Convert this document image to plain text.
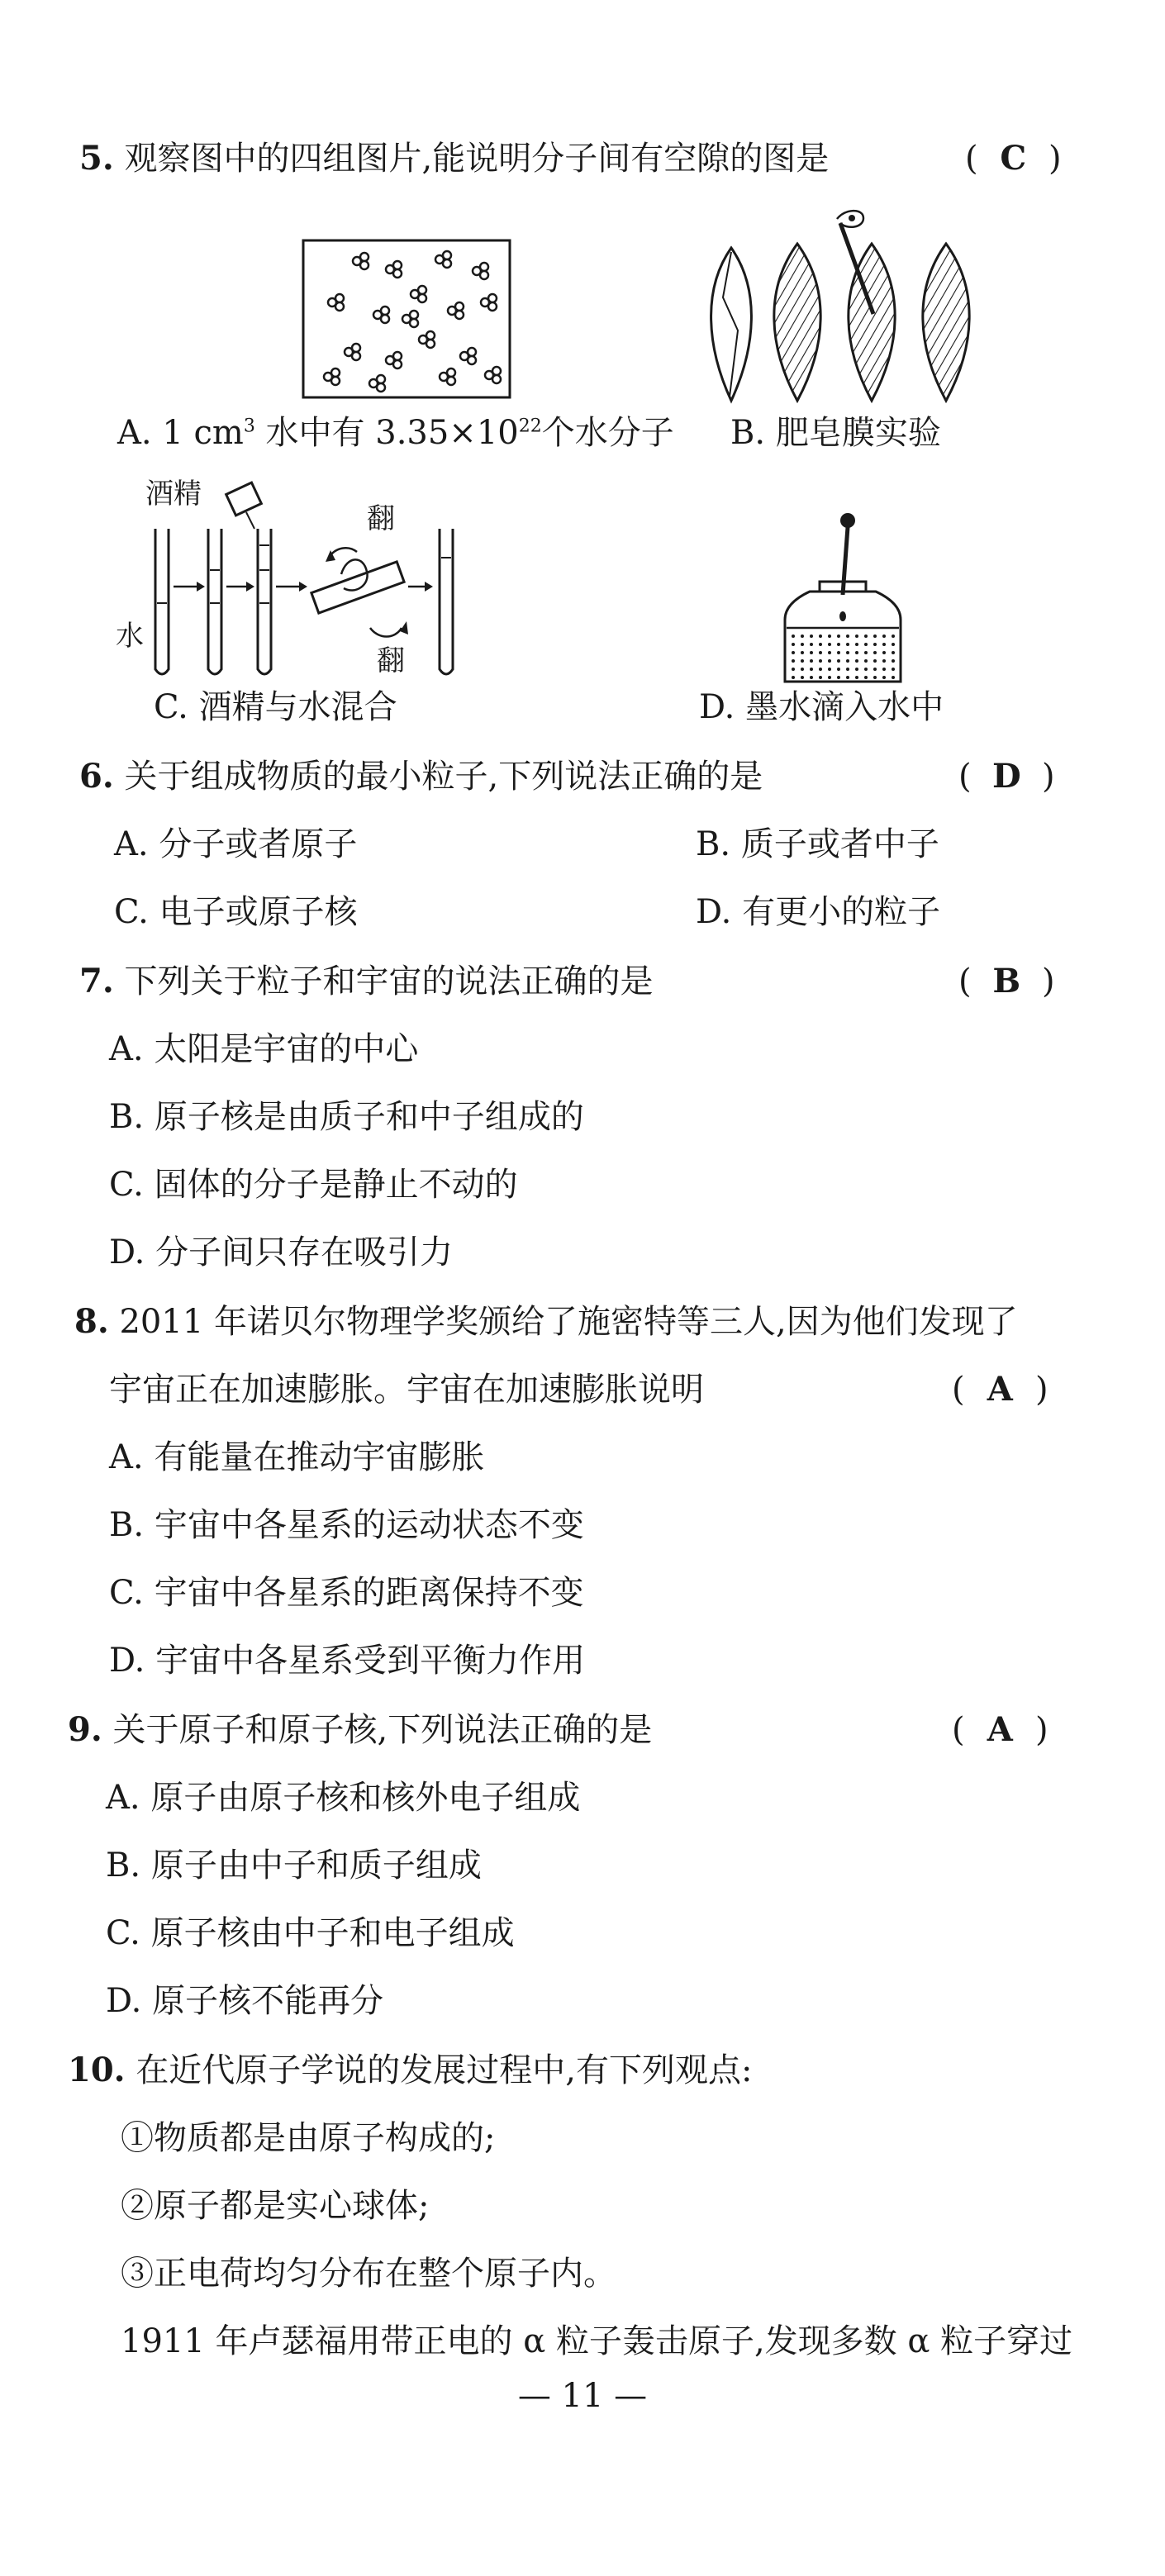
5. 观察图中的四组图片,能说明分子间有空隙的图是	( C )
A. 1 $cm^3$ 水中有 $3.35\times 10^{22}$个水分子 B. 肥皂膜实验
酒精
水
翻
翻
C. 酒精与水混合	D. 墨水滴入水中
6. 关于组成物质的最小粒子,下列说法正确的是	( D )
A. 分子或者原子	B. 质子或者中子
C. 电子或原子核	D. 有更小的粒子
7. 下列关于粒子和宇宙的说法正确的是	( B )
A. 太阳是宇宙的中心
B. 原子核是由质子和中子组成的
C. 固体的分子是静止不动的
D. 分子间只存在吸引力
8. 2011 年诺贝尔物理学奖颁给了施密特等三人,因为他们发现了
宇宙正在加速膨胀。宇宙在加速膨胀说明	( A )
A. 有能量在推动宇宙膨胀
B. 宇宙中各星系的运动状态不变
C. 宇宙中各星系的距离保持不变
D. 宇宙中各星系受到平衡力作用
9. 关于原子和原子核,下列说法正确的是	( A )
A. 原子由原子核和核外电子组成
B. 原子由中子和质子组成
C. 原子核由中子和电子组成
D. 原子核不能再分
10. 在近代原子学说的发展过程中,有下列观点:
①物质都是由原子构成的;
②原子都是实心球体;
③正电荷均匀分布在整个原子内。
1911 年卢瑟福用带正电的 α 粒子轰击原子,发现多数 α 粒子穿过
— 11 —
